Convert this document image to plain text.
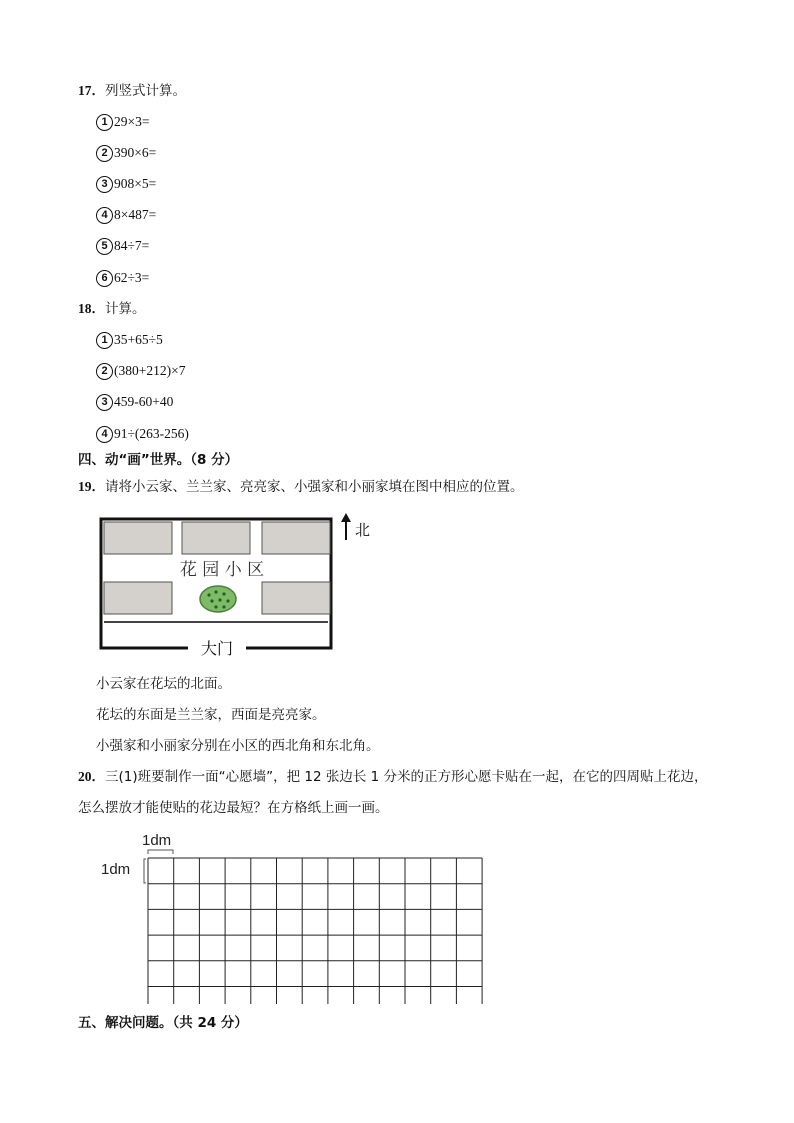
17．列竖式计算。
1 29×3=
2 390×6=
3 908×5=
4 8×487=
5 84÷7=
6 62÷3=
18．计算。
1 35+65÷5
2 (380+212)×7
3 459-60+40
4 91÷(263-256)
四、动“画”世界。（8 分）
19．请将小云家、兰兰家、亮亮家、小强家和小丽家填在图中相应的位置。
花 园 小 区
大门
北
小云家在花坛的北面。
花坛的东面是兰兰家，西面是亮亮家。
小强家和小丽家分别在小区的西北角和东北角。
20．三(1)班要制作一面“心愿墙”，把 12 张边长 1 分米的正方形心愿卡贴在一起，在它的四周贴上花边，
怎么摆放才能使贴的花边最短？在方格纸上画一画。
1dm
1dm
五、解决问题。（共 24 分）
